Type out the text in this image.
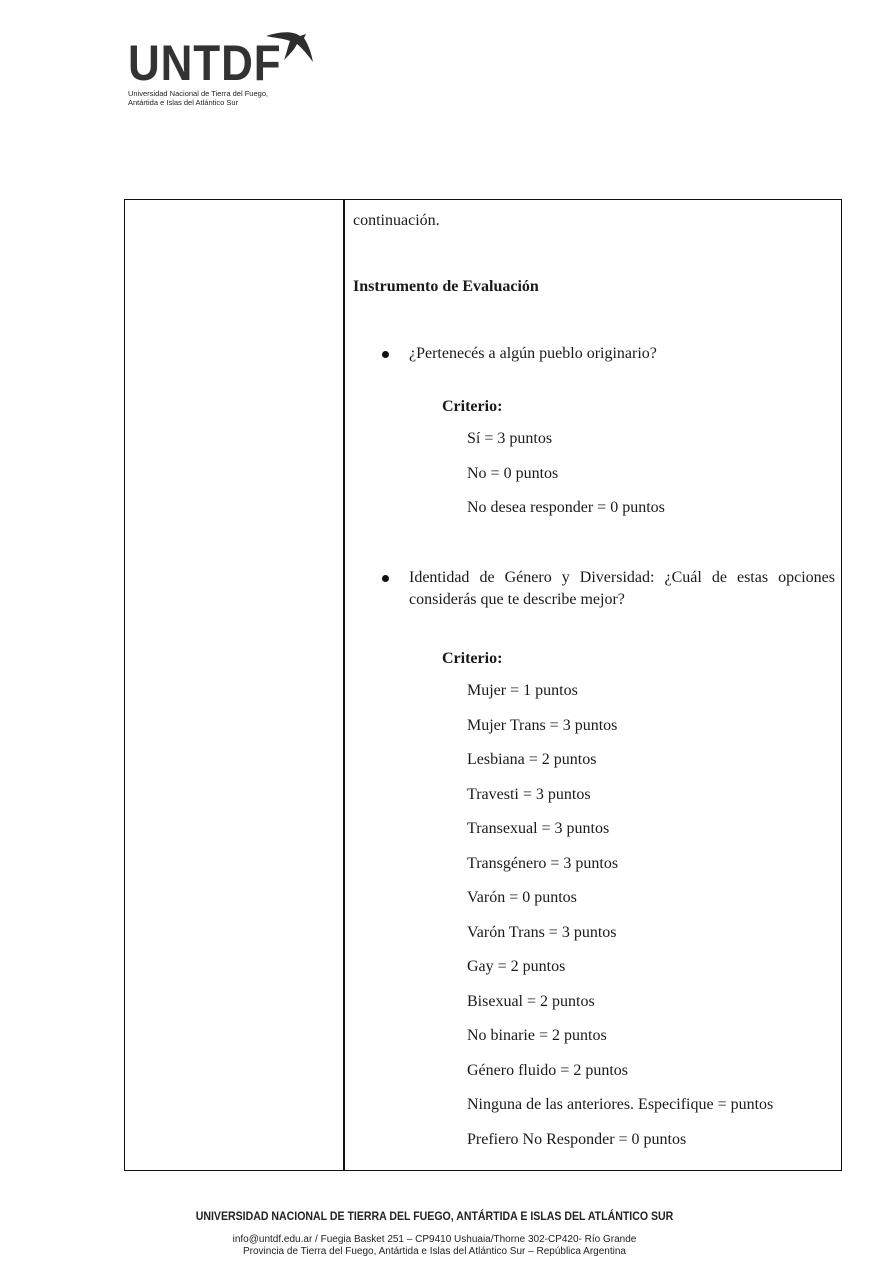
UNTDF
Universidad Nacional de Tierra del Fuego,
Antártida e Islas del Atlántico Sur
continuación.
Instrumento de Evaluación
¿Pertenecés a algún pueblo originario?
Criterio:
Sí = 3 puntos
No = 0 puntos
No desea responder = 0 puntos
Identidad de Género y Diversidad: ¿Cuál de estas opciones considerás que te describe mejor?
Criterio:
Mujer = 1 puntos
Mujer Trans = 3 puntos
Lesbiana = 2 puntos
Travesti = 3 puntos
Transexual = 3 puntos
Transgénero = 3 puntos
Varón = 0 puntos
Varón Trans = 3 puntos
Gay = 2 puntos
Bisexual = 2 puntos
No binarie = 2 puntos
Género fluido = 2 puntos
Ninguna de las anteriores. Especifique = puntos
Prefiero No Responder = 0 puntos
UNIVERSIDAD NACIONAL DE TIERRA DEL FUEGO, ANTÁRTIDA E ISLAS DEL ATLÁNTICO SUR
info@untdf.edu.ar / Fuegia Basket 251 – CP9410 Ushuaia/Thorne 302-CP420- Río Grande
Provincia de Tierra del Fuego, Antártida e Islas del Atlántico Sur – República Argentina
